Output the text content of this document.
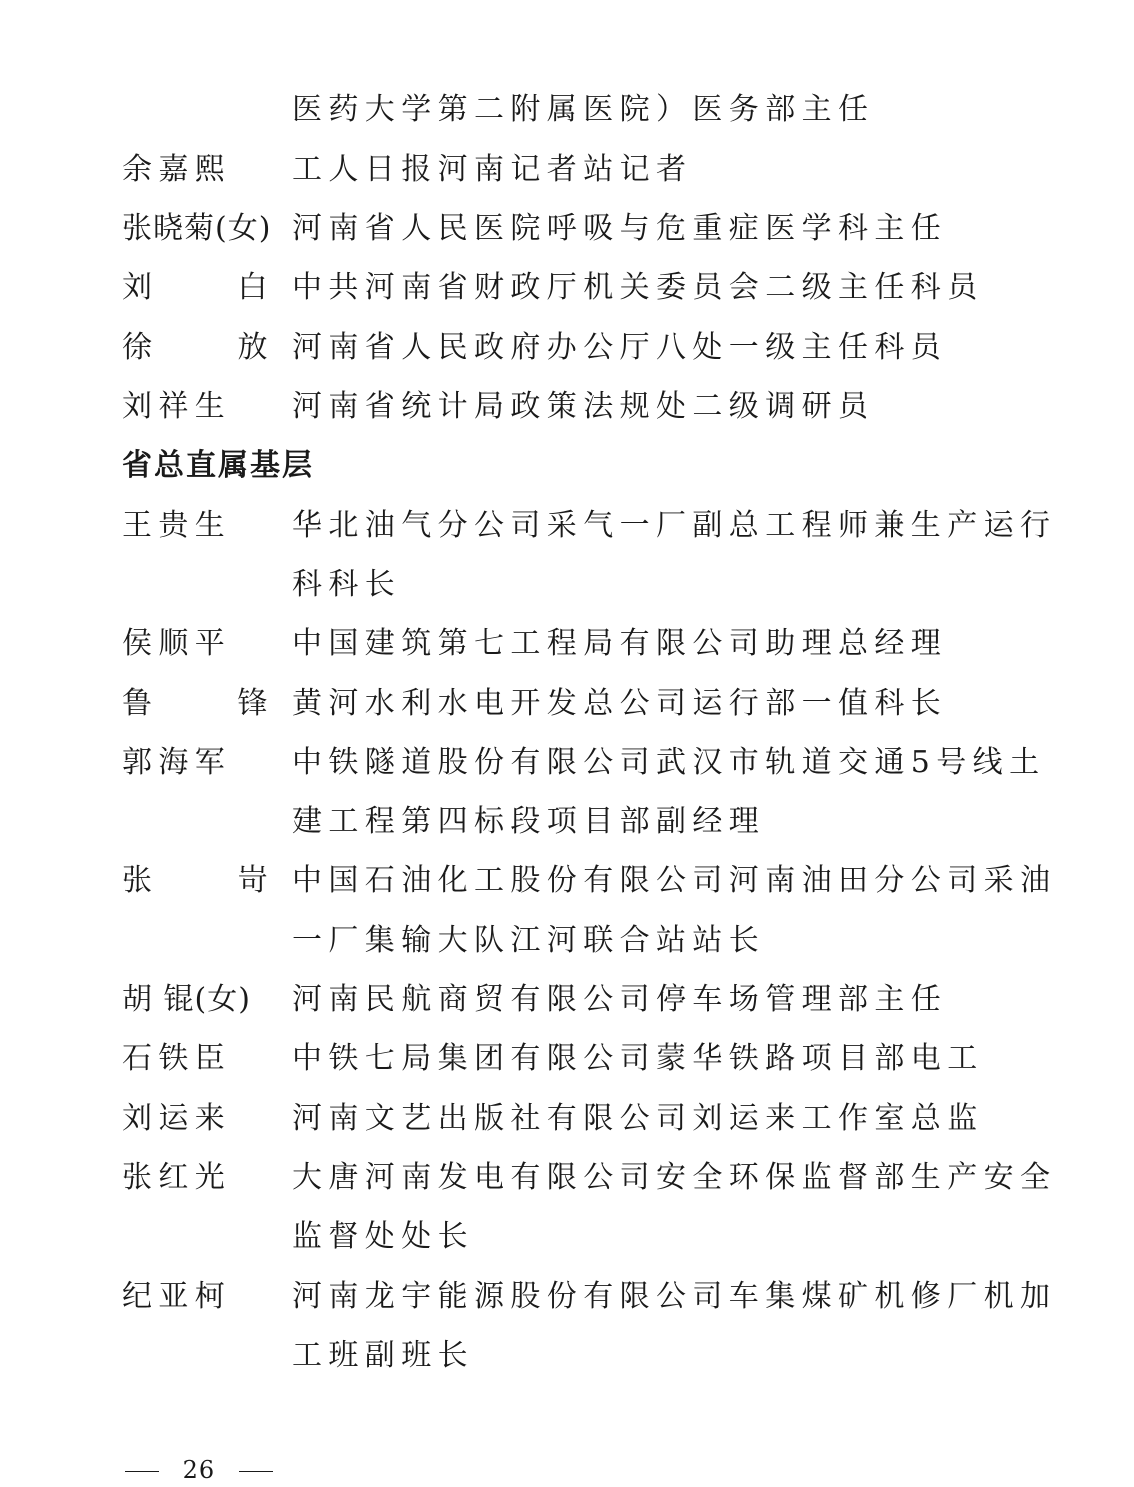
医药大学第二附属医院）医务部主任
余嘉熙 工人日报河南记者站记者
张晓菊(女) 河南省人民医院呼吸与危重症医学科主任
刘 白
中共河南省财政厅机关委员会二级主任科员
徐 放
河南省人民政府办公厅八处一级主任科员
刘祥生 河南省统计局政策法规处二级调研员
省总直属基层
王贵生 华北油气分公司采气一厂副总工程师兼生产运行
科科长
侯顺平 中国建筑第七工程局有限公司助理总经理
鲁 锋
黄河水利水电开发总公司运行部一值科长
郭海军 中铁隧道股份有限公司武汉市轨道交通5号线土
建工程第四标段项目部副经理
张 岢
中国石油化工股份有限公司河南油田分公司采油
一厂集输大队江河联合站站长
胡 锟(女) 河南民航商贸有限公司停车场管理部主任
石铁臣 中铁七局集团有限公司蒙华铁路项目部电工
刘运来 河南文艺出版社有限公司刘运来工作室总监
张红光 大唐河南发电有限公司安全环保监督部生产安全
监督处处长
纪亚柯 河南龙宇能源股份有限公司车集煤矿机修厂机加
工班副班长
26
